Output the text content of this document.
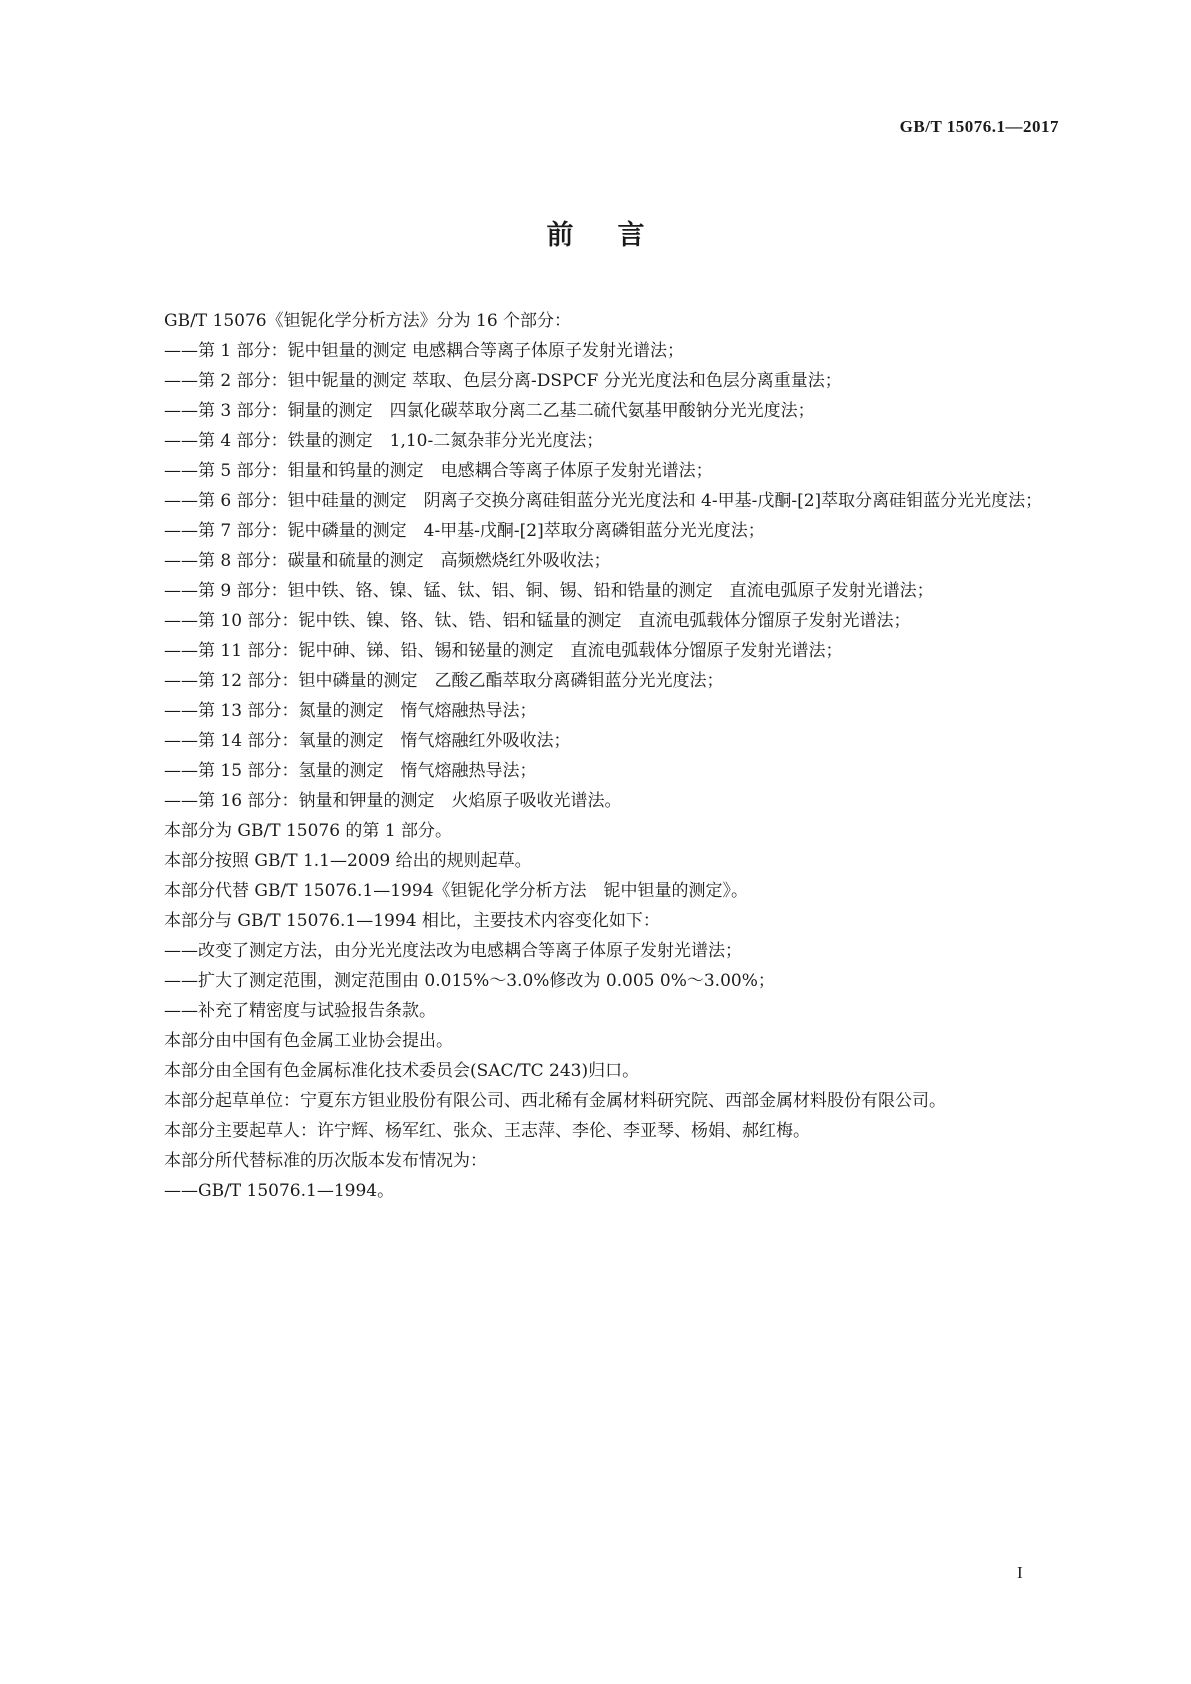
GB/T 15076.1—2017

前言

GB/T 15076《钽铌化学分析方法》分为 16 个部分：

——第 1 部分：铌中钽量的测定 电感耦合等离子体原子发射光谱法；

——第 2 部分：钽中铌量的测定 萃取、色层分离-DSPCF 分光光度法和色层分离重量法；

——第 3 部分：铜量的测定　四氯化碳萃取分离二乙基二硫代氨基甲酸钠分光光度法；

——第 4 部分：铁量的测定　1,10-二氮杂菲分光光度法；

——第 5 部分：钼量和钨量的测定　电感耦合等离子体原子发射光谱法；

——第 6 部分：钽中硅量的测定　阴离子交换分离硅钼蓝分光光度法和 4-甲基-戊酮-[2]萃取分离硅钼蓝分光光度法；

——第 7 部分：铌中磷量的测定　4-甲基-戊酮-[2]萃取分离磷钼蓝分光光度法；

——第 8 部分：碳量和硫量的测定　高频燃烧红外吸收法；

——第 9 部分：钽中铁、铬、镍、锰、钛、铝、铜、锡、铅和锆量的测定　直流电弧原子发射光谱法；

——第 10 部分：铌中铁、镍、铬、钛、锆、铝和锰量的测定　直流电弧载体分馏原子发射光谱法；

——第 11 部分：铌中砷、锑、铅、锡和铋量的测定　直流电弧载体分馏原子发射光谱法；

——第 12 部分：钽中磷量的测定　乙酸乙酯萃取分离磷钼蓝分光光度法；

——第 13 部分：氮量的测定　惰气熔融热导法；

——第 14 部分：氧量的测定　惰气熔融红外吸收法；

——第 15 部分：氢量的测定　惰气熔融热导法；

——第 16 部分：钠量和钾量的测定　火焰原子吸收光谱法。

本部分为 GB/T 15076 的第 1 部分。

本部分按照 GB/T 1.1—2009 给出的规则起草。

本部分代替 GB/T 15076.1—1994《钽铌化学分析方法　铌中钽量的测定》。

本部分与 GB/T 15076.1—1994 相比，主要技术内容变化如下：

——改变了测定方法，由分光光度法改为电感耦合等离子体原子发射光谱法；

——扩大了测定范围，测定范围由 0.015%～3.0%修改为 0.005 0%～3.00%；

——补充了精密度与试验报告条款。

本部分由中国有色金属工业协会提出。

本部分由全国有色金属标准化技术委员会(SAC/TC 243)归口。

本部分起草单位：宁夏东方钽业股份有限公司、西北稀有金属材料研究院、西部金属材料股份有限公司。

本部分主要起草人：许宁辉、杨军红、张众、王志萍、李伦、李亚琴、杨娟、郝红梅。

本部分所代替标准的历次版本发布情况为：

——GB/T 15076.1—1994。

I
